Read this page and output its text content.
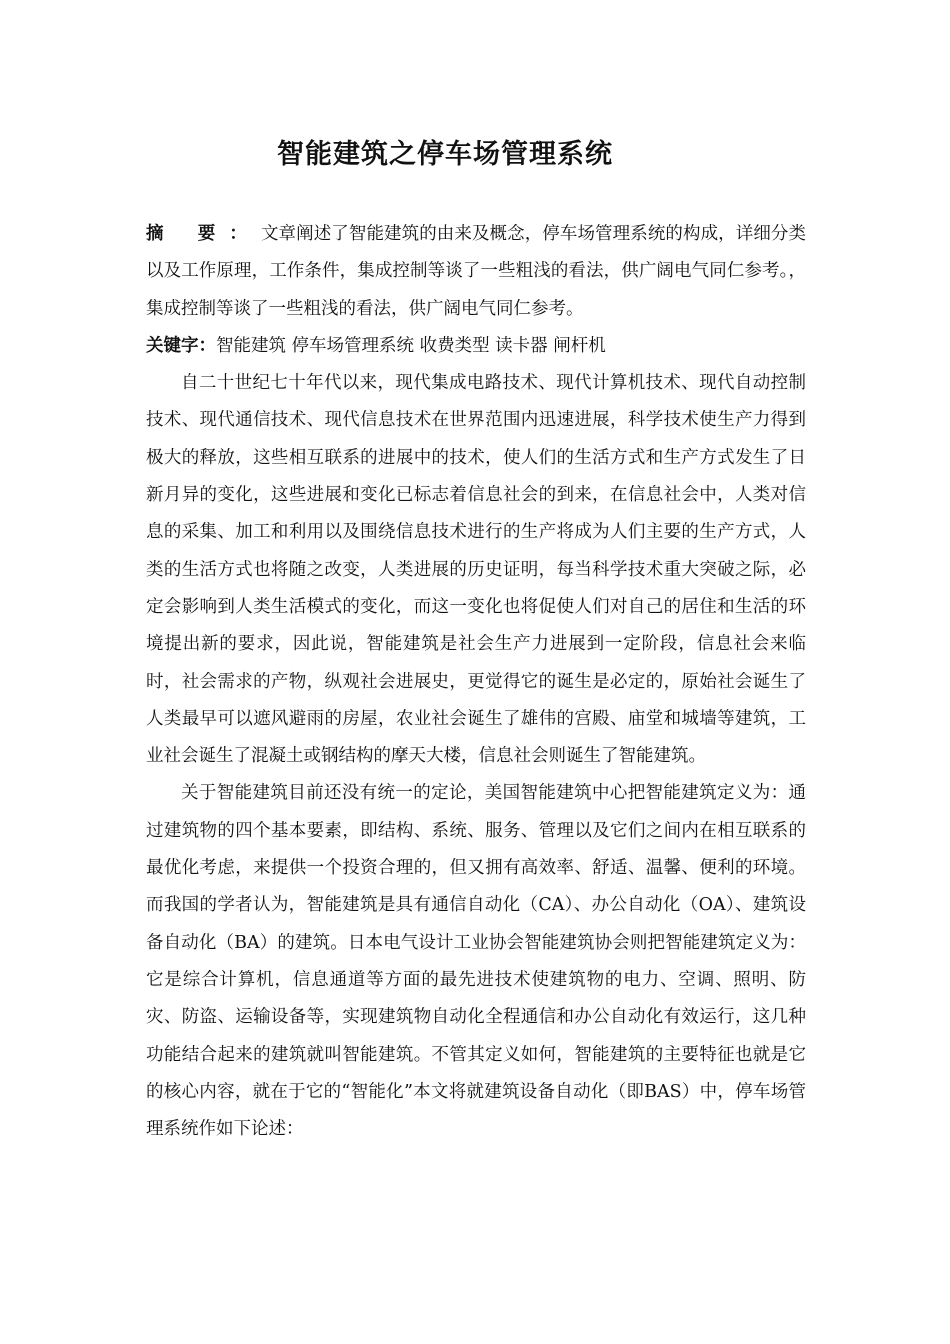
智能建筑之停车场管理系统

摘 要：文章阐述了智能建筑的由来及概念，停车场管理系统的构成，详细分类以及工作原理，工作条件，集成控制等谈了一些粗浅的看法，供广阔电气同仁参考。，集成控制等谈了一些粗浅的看法，供广阔电气同仁参考。

关键字：智能建筑 停车场管理系统 收费类型 读卡器 闸杆机

自二十世纪七十年代以来，现代集成电路技术、现代计算机技术、现代自动控制技术、现代通信技术、现代信息技术在世界范围内迅速进展，科学技术使生产力得到极大的释放，这些相互联系的进展中的技术，使人们的生活方式和生产方式发生了日新月异的变化，这些进展和变化已标志着信息社会的到来，在信息社会中，人类对信息的采集、加工和利用以及围绕信息技术进行的生产将成为人们主要的生产方式，人类的生活方式也将随之改变，人类进展的历史证明，每当科学技术重大突破之际，必定会影响到人类生活模式的变化，而这一变化也将促使人们对自己的居住和生活的环境提出新的要求，因此说，智能建筑是社会生产力进展到一定阶段，信息社会来临时，社会需求的产物，纵观社会进展史，更觉得它的诞生是必定的，原始社会诞生了人类最早可以遮风避雨的房屋，农业社会诞生了雄伟的宫殿、庙堂和城墙等建筑，工业社会诞生了混凝土或钢结构的摩天大楼，信息社会则诞生了智能建筑。

关于智能建筑目前还没有统一的定论，美国智能建筑中心把智能建筑定义为：通过建筑物的四个基本要素，即结构、系统、服务、管理以及它们之间内在相互联系的最优化考虑，来提供一个投资合理的，但又拥有高效率、舒适、温馨、便利的环境。而我国的学者认为，智能建筑是具有通信自动化（CA）、办公自动化（OA）、建筑设备自动化（BA）的建筑。日本电气设计工业协会智能建筑协会则把智能建筑定义为：它是综合计算机，信息通道等方面的最先进技术使建筑物的电力、空调、照明、防灾、防盗、运输设备等，实现建筑物自动化全程通信和办公自动化有效运行，这几种功能结合起来的建筑就叫智能建筑。不管其定义如何，智能建筑的主要特征也就是它的核心内容，就在于它的“智能化”本文将就建筑设备自动化（即BAS）中，停车场管理系统作如下论述：
